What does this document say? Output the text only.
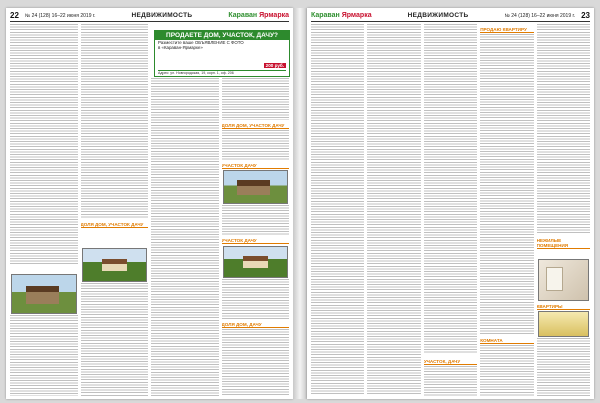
22 № 24 (128) 16–22 июня 2019 г.	НЕДВИЖИМОСТЬ	Караван Ярмарка
ДОЛЯ ДОМ, УЧАСТОК ДАЧУ
ДОЛЯ ДОМ, УЧАСТОК ДАЧУ
УЧАСТОК ДАЧУ
УЧАСТОК ДАЧУ
ДОЛЯ ДОМ, ДАЧУ
ПРОДАЕТЕ ДОМ, УЧАСТОК, ДАЧУ?
Разместите ваше ОБЪЯВЛЕНИЕ С ФОТО
в «Караван-Ярмарке»
200 руб.
Адрес: ул. Новгородская, 19, корп. 1, оф. 206
Караван Ярмарка	НЕДВИЖИМОСТЬ	№ 24 (128) 16–22 июня 2019 г. 23
УЧАСТОК, ДАЧУ
ПРОДАЮ КВАРТИРУ
КОМНАТА
НЕЖИЛЫЕ ПОМЕЩЕНИЯ
КВАРТИРЫ
